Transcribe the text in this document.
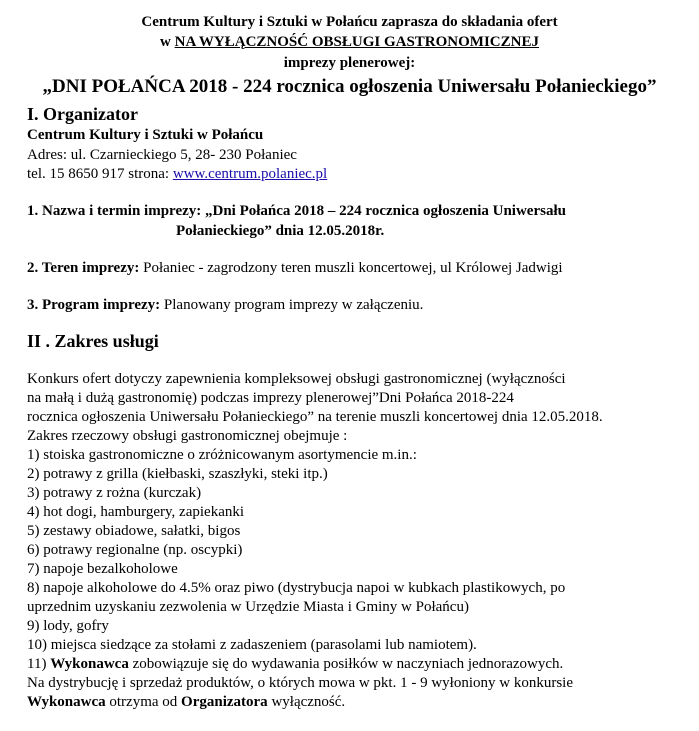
Centrum Kultury i Sztuki w Połańcu zaprasza do składania ofert
w NA WYŁĄCZNOŚĆ OBSŁUGI GASTRONOMICZNEJ
imprezy plenerowej:
„DNI POŁAŃCA 2018 - 224 rocznica ogłoszenia Uniwersału Połanieckiego”
I. Organizator
Centrum Kultury i Sztuki w Połańcu
Adres: ul. Czarnieckiego 5, 28- 230 Połaniec
tel. 15 8650 917 strona: www.centrum.polaniec.pl
1. Nazwa i termin imprezy: „Dni Połańca 2018 – 224 rocznica ogłoszenia Uniwersału
Połanieckiego” dnia 12.05.2018r.
2. Teren imprezy: Połaniec - zagrodzony teren muszli koncertowej, ul Królowej Jadwigi
3. Program imprezy: Planowany program imprezy w załączeniu.
II . Zakres usługi
Konkurs ofert dotyczy zapewnienia kompleksowej obsługi gastronomicznej (wyłączności
na małą i dużą gastronomię) podczas imprezy plenerowej”Dni Połańca 2018-224
rocznica ogłoszenia Uniwersału Połanieckiego” na terenie muszli koncertowej dnia 12.05.2018.
Zakres rzeczowy obsługi gastronomicznej obejmuje :
1) stoiska gastronomiczne o zróżnicowanym asortymencie m.in.:
2) potrawy z grilla (kiełbaski, szaszłyki, steki itp.)
3) potrawy z rożna (kurczak)
4) hot dogi, hamburgery, zapiekanki
5) zestawy obiadowe, sałatki, bigos
6) potrawy regionalne (np. oscypki)
7) napoje bezalkoholowe
8) napoje alkoholowe do 4.5% oraz piwo (dystrybucja napoi w kubkach plastikowych, po
uprzednim uzyskaniu zezwolenia w Urzędzie Miasta i Gminy w Połańcu)
9) lody, gofry
10) miejsca siedzące za stołami z zadaszeniem (parasolami lub namiotem).
11) Wykonawca zobowiązuje się do wydawania posiłków w naczyniach jednorazowych.
Na dystrybucję i sprzedaż produktów, o których mowa w pkt. 1 - 9 wyłoniony w konkursie
Wykonawca otrzyma od Organizatora wyłączność.
